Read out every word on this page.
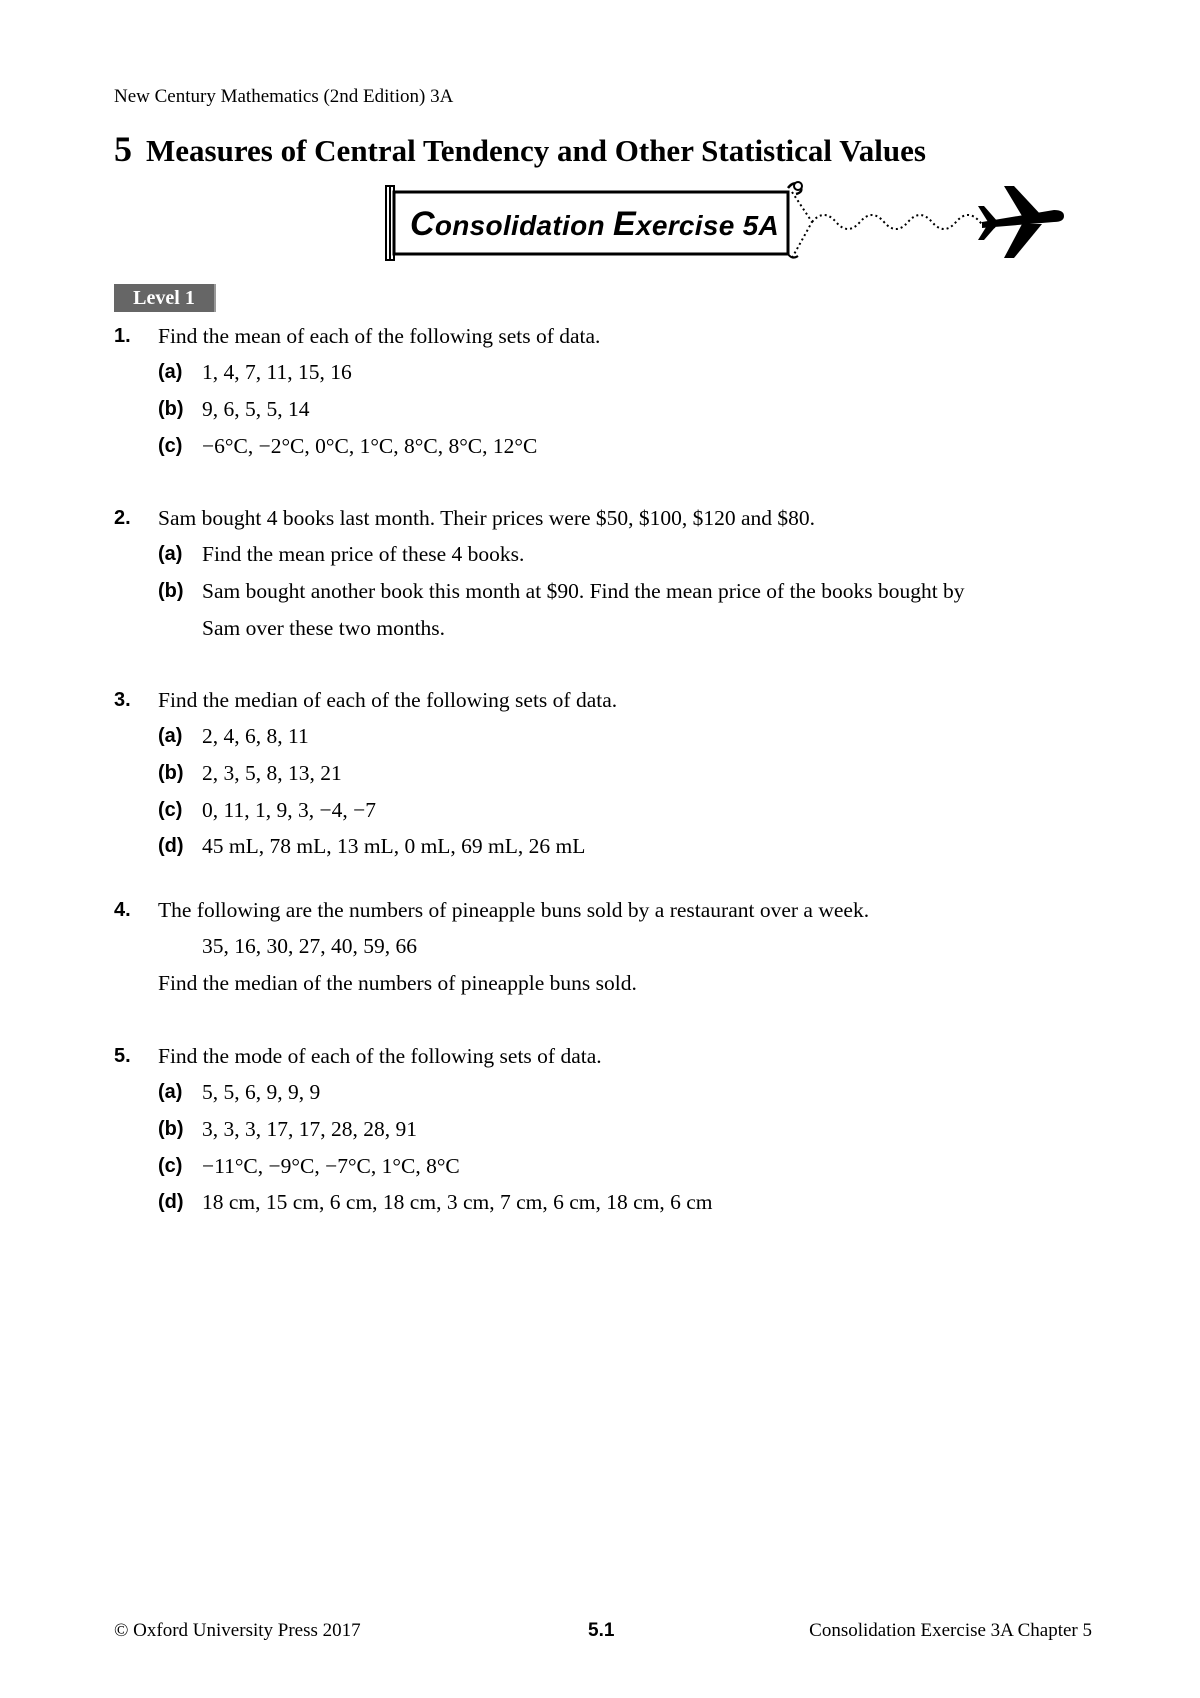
New Century Mathematics (2nd Edition) 3A
5 Measures of Central Tendency and Other Statistical Values
Consolidation Exercise 5A
Level 1
1. Find the mean of each of the following sets of data.
(a) 1, 4, 7, 11, 15, 16
(b) 9, 6, 5, 5, 14
(c) −6°C, −2°C, 0°C, 1°C, 8°C, 8°C, 12°C
2. Sam bought 4 books last month. Their prices were $50, $100, $120 and $80.
(a) Find the mean price of these 4 books.
(b) Sam bought another book this month at $90. Find the mean price of the books bought by
Sam over these two months.
3. Find the median of each of the following sets of data.
(a) 2, 4, 6, 8, 11
(b) 2, 3, 5, 8, 13, 21
(c) 0, 11, 1, 9, 3, −4, −7
(d) 45 mL, 78 mL, 13 mL, 0 mL, 69 mL, 26 mL
4. The following are the numbers of pineapple buns sold by a restaurant over a week.
35, 16, 30, 27, 40, 59, 66
Find the median of the numbers of pineapple buns sold.
5. Find the mode of each of the following sets of data.
(a) 5, 5, 6, 9, 9, 9
(b) 3, 3, 3, 17, 17, 28, 28, 91
(c) −11°C, −9°C, −7°C, 1°C, 8°C
(d) 18 cm, 15 cm, 6 cm, 18 cm, 3 cm, 7 cm, 6 cm, 18 cm, 6 cm
© Oxford University Press 2017	5.1	Consolidation Exercise 3A Chapter 5
